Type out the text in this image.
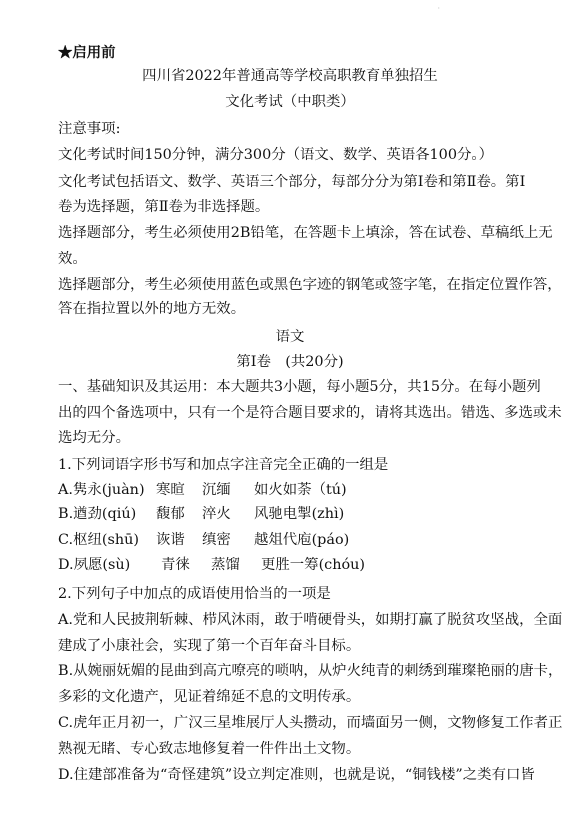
·
★启用前
四川省2022年普通高等学校高职教育单独招生
文化考试（中职类）
注意事项:
文化考试时间150分钟，满分300分（语文、数学、英语各100分。）
文化考试包括语文、数学、英语三个部分，每部分分为第Ⅰ卷和第Ⅱ卷。第Ⅰ
卷为选择题，第Ⅱ卷为非选择题。
选择题部分，考生必须使用2B铅笔，在答题卡上填涂，答在试卷、草稿纸上无
效。
选择题部分，考生必须使用蓝色或黑色字迹的钢笔或签字笔，在指定位置作答，
答在指拉置以外的地方无效。
语文
第Ⅰ卷　(共20分)
一、基础知识及其运用：本大题共3小题，每小题5分，共15分。在每小题列
出的四个备选项中，只有一个是符合题目要求的，请将其选出。错选、多选或未
选均无分。
1.下列词语字形书写和加点字注音完全正确的一组是
A.隽永(juàn) 寒暄 沉缅 如火如荼（tú)
B.遒劲(qiú) 馥郁 淬火 风驰电掣(zhì)
C.枢纽(shū) 诙谐 缜密 越俎代庖(páo)
D.夙愿(sù) 青徕 蒸馏 更胜一筹(chóu)
2.下列句子中加点的成语使用恰当的一项是
A.党和人民披荆斩棘、栉风沐雨，敢于啃硬骨头，如期打赢了脱贫攻坚战，全面
建成了小康社会，实现了第一个百年奋斗目标。
B.从婉丽妩媚的昆曲到高亢嘹亮的唢呐，从炉火纯青的刺绣到璀璨艳丽的唐卡，
多彩的文化遗产，见证着绵延不息的文明传承。
C.虎年正月初一，广汉三星堆展厅人头攒动，而墙面另一侧，文物修复工作者正
熟视无睹、专心致志地修复着一件件出土文物。
D.住建部准备为“奇怪建筑”设立判定准则，也就是说，“铜钱楼”之类有口皆
